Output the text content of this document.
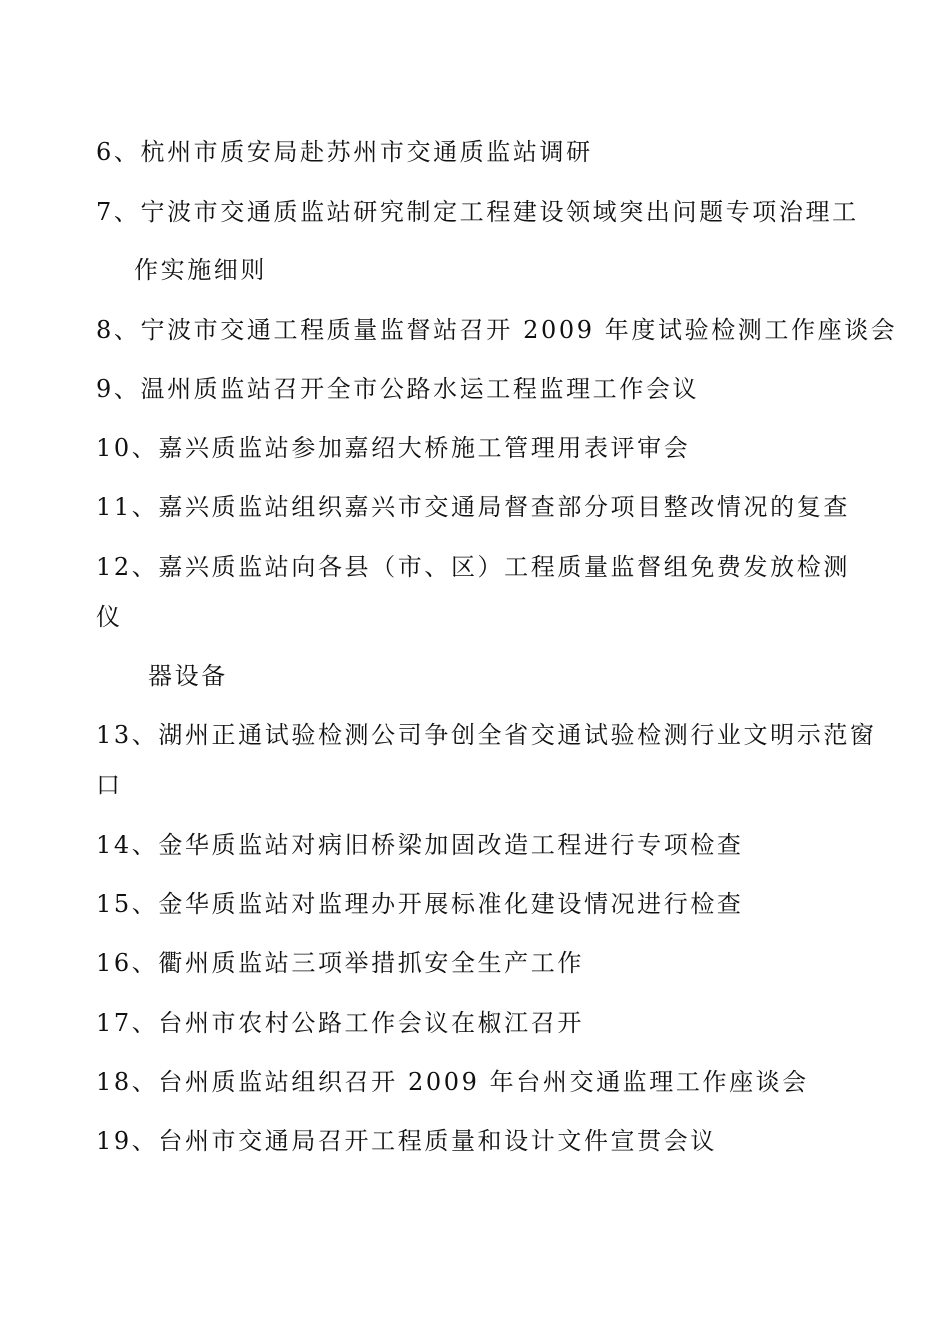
6、杭州市质安局赴苏州市交通质监站调研
7、宁波市交通质监站研究制定工程建设领域突出问题专项治理工
作实施细则
8、宁波市交通工程质量监督站召开 2009 年度试验检测工作座谈会
9、温州质监站召开全市公路水运工程监理工作会议
10、嘉兴质监站参加嘉绍大桥施工管理用表评审会
11、嘉兴质监站组织嘉兴市交通局督查部分项目整改情况的复查
12、嘉兴质监站向各县（市、区）工程质量监督组免费发放检测
仪
器设备
13、湖州正通试验检测公司争创全省交通试验检测行业文明示范窗
口
14、金华质监站对病旧桥梁加固改造工程进行专项检查
15、金华质监站对监理办开展标准化建设情况进行检查
16、衢州质监站三项举措抓安全生产工作
17、台州市农村公路工作会议在椒江召开
18、台州质监站组织召开 2009 年台州交通监理工作座谈会
19、台州市交通局召开工程质量和设计文件宣贯会议
